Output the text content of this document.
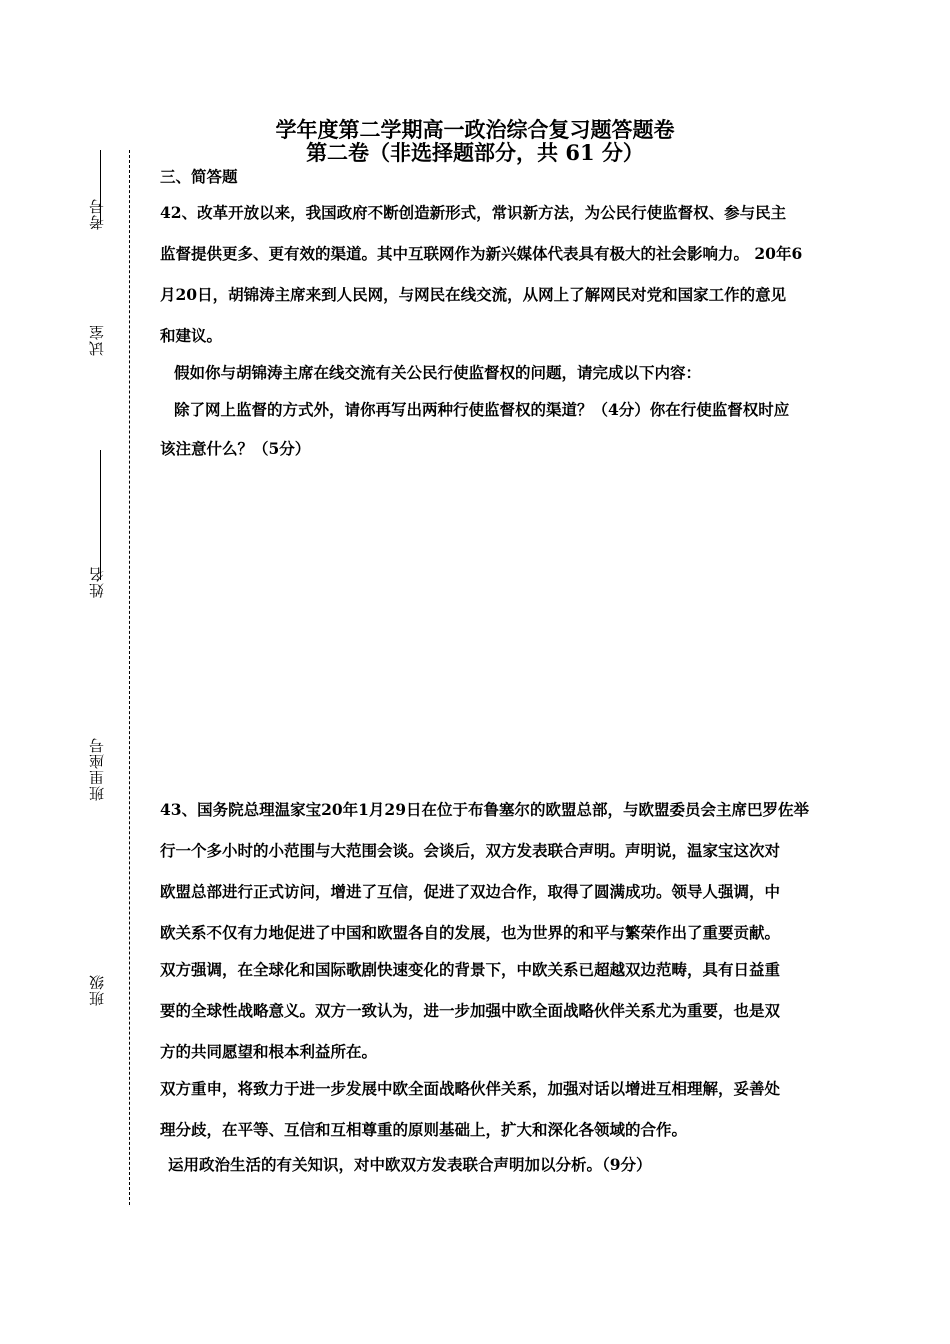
考号
试室
姓名
班里座号
班级
学年度第二学期高一政治综合复习题答题卷
第二卷（非选择题部分，共 61 分）
三、简答题
42、改革开放以来，我国政府不断创造新形式，常识新方法，为公民行使监督权、参与民主
监督提供更多、更有效的渠道。其中互联网作为新兴媒体代表具有极大的社会影响力。 20年6
月20日，胡锦涛主席来到人民网，与网民在线交流，从网上了解网民对党和国家工作的意见
和建议。
假如你与胡锦涛主席在线交流有关公民行使监督权的问题，请完成以下内容：
除了网上监督的方式外，请你再写出两种行使监督权的渠道？（4分）你在行使监督权时应
该注意什么？（5分）
43、国务院总理温家宝20年1月29日在位于布鲁塞尔的欧盟总部，与欧盟委员会主席巴罗佐举
行一个多小时的小范围与大范围会谈。会谈后，双方发表联合声明。声明说，温家宝这次对
欧盟总部进行正式访问，增进了互信，促进了双边合作，取得了圆满成功。领导人强调，中
欧关系不仅有力地促进了中国和欧盟各自的发展，也为世界的和平与繁荣作出了重要贡献。
双方强调，在全球化和国际歌剧快速变化的背景下，中欧关系已超越双边范畴，具有日益重
要的全球性战略意义。双方一致认为，进一步加强中欧全面战略伙伴关系尤为重要，也是双
方的共同愿望和根本利益所在。
双方重申，将致力于进一步发展中欧全面战略伙伴关系，加强对话以增进互相理解，妥善处
理分歧，在平等、互信和互相尊重的原则基础上，扩大和深化各领域的合作。
运用政治生活的有关知识，对中欧双方发表联合声明加以分析。（9分）
